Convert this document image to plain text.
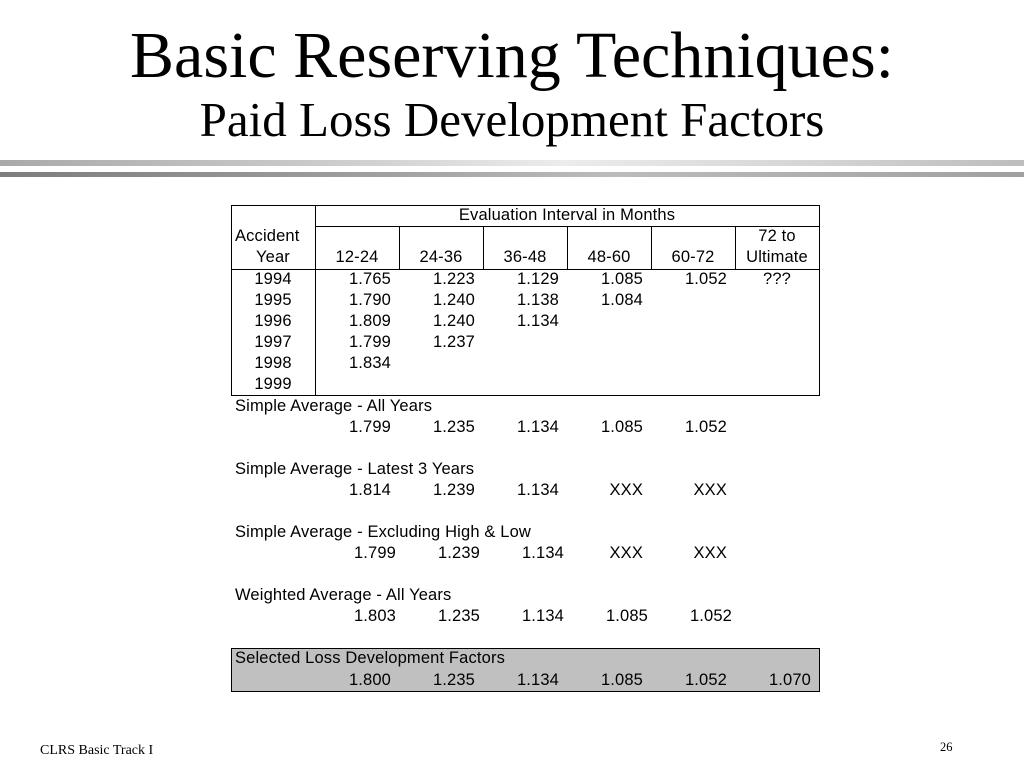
Basic Reserving Techniques:
Paid Loss Development Factors
Evaluation Interval in Months
Accident	72 to
Year	12-24	24-36	36-48	48-60	60-72	Ultimate
1994	1.765	1.223	1.129	1.085	1.052	???
1995	1.790	1.240	1.138	1.084
1996	1.809	1.240	1.134
1997	1.799	1.237
1998	1.834
1999
Simple Average - All Years
1.799	1.235	1.134	1.085	1.052
Simple Average - Latest 3 Years
1.814	1.239	1.134	XXX	XXX
Simple Average - Excluding High & Low
1.799	1.239	1.134	XXX	XXX
Weighted Average - All Years
1.803	1.235	1.134	1.085	1.052
Selected Loss Development Factors
1.800	1.235	1.134	1.085	1.052	1.070
CLRS Basic Track I	26
